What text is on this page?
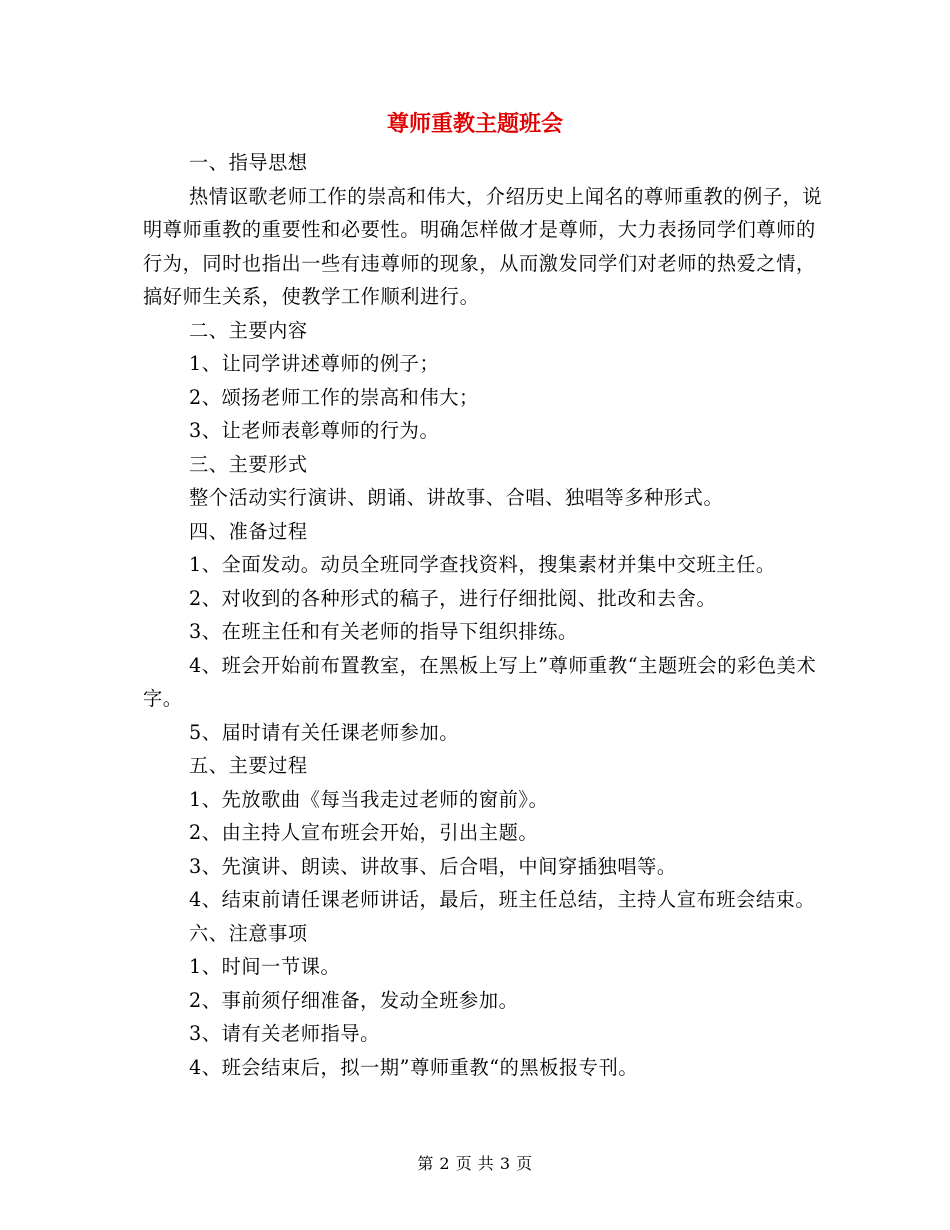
尊师重教主题班会

一、指导思想

热情讴歌老师工作的崇高和伟大，介绍历史上闻名的尊师重教的例子，说明尊师重教的重要性和必要性。明确怎样做才是尊师，大力表扬同学们尊师的行为，同时也指出一些有违尊师的现象，从而激发同学们对老师的热爱之情，搞好师生关系，使教学工作顺利进行。

二、主要内容

1、让同学讲述尊师的例子；

2、颂扬老师工作的崇高和伟大；

3、让老师表彰尊师的行为。

三、主要形式

整个活动实行演讲、朗诵、讲故事、合唱、独唱等多种形式。

四、准备过程

1、全面发动。动员全班同学查找资料，搜集素材并集中交班主任。

2、对收到的各种形式的稿子，进行仔细批阅、批改和去舍。

3、在班主任和有关老师的指导下组织排练。

4、班会开始前布置教室，在黑板上写上”尊师重教“主题班会的彩色美术字。

5、届时请有关任课老师参加。

五、主要过程

1、先放歌曲《每当我走过老师的窗前》。

2、由主持人宣布班会开始，引出主题。

3、先演讲、朗读、讲故事、后合唱，中间穿插独唱等。

4、结束前请任课老师讲话，最后，班主任总结，主持人宣布班会结束。

六、注意事项

1、时间一节课。

2、事前须仔细准备，发动全班参加。

3、请有关老师指导。

4、班会结束后，拟一期”尊师重教“的黑板报专刊。

第 2 页 共 3 页
